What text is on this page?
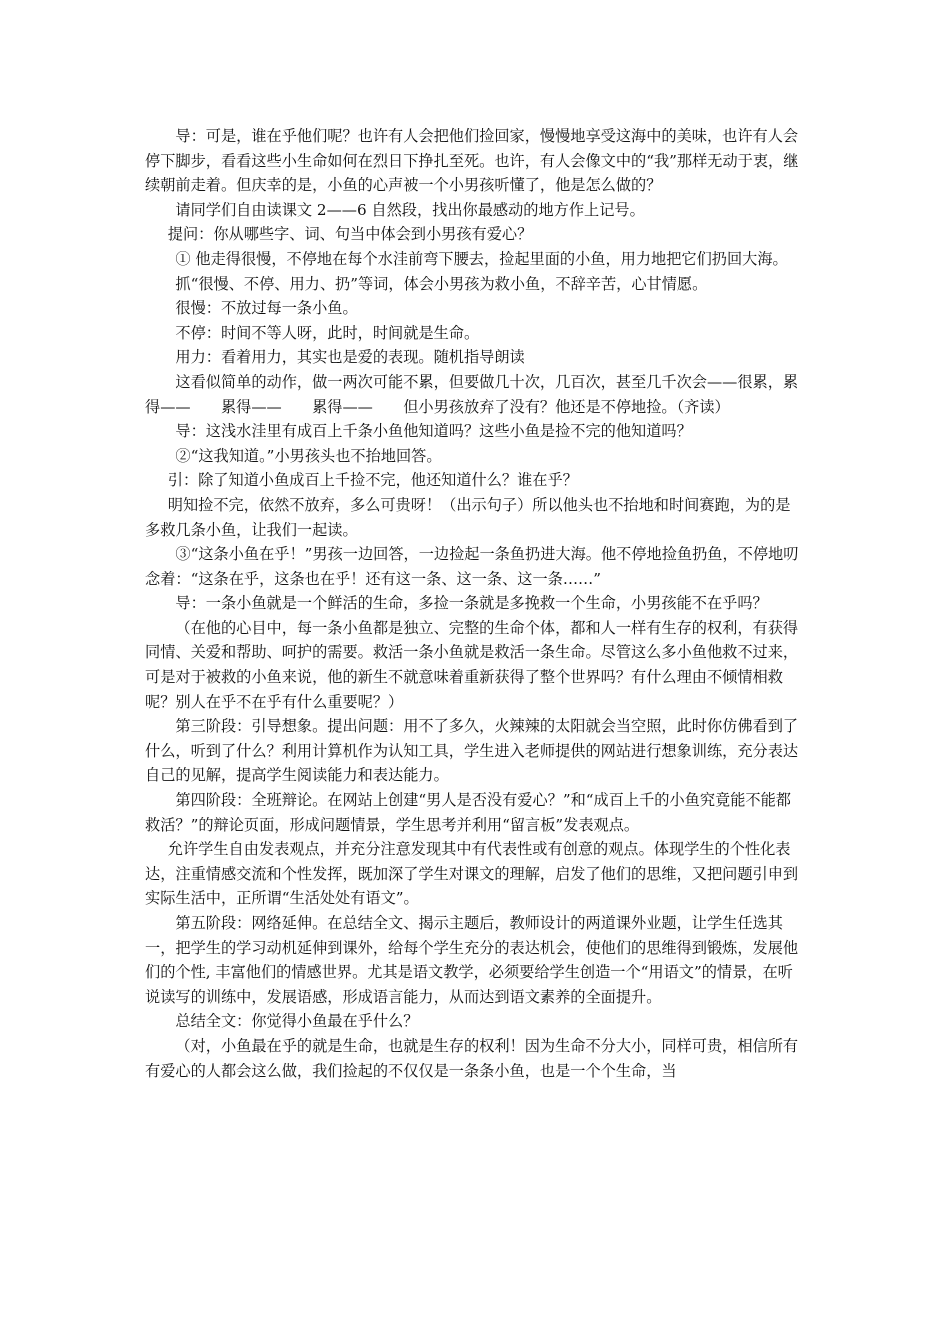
导：可是，谁在乎他们呢？也许有人会把他们捡回家，慢慢地享受这海中的美味，也许有人会停下脚步，看看这些小生命如何在烈日下挣扎至死。也许，有人会像文中的“我”那样无动于衷，继续朝前走着。但庆幸的是，小鱼的心声被一个小男孩听懂了，他是怎么做的？

请同学们自由读课文 2——6 自然段，找出你最感动的地方作上记号。

提问：你从哪些字、词、句当中体会到小男孩有爱心？

① 他走得很慢，不停地在每个水洼前弯下腰去，捡起里面的小鱼，用力地把它们扔回大海。

抓“很慢、不停、用力、扔”等词，体会小男孩为救小鱼，不辞辛苦，心甘情愿。

很慢：不放过每一条小鱼。

不停：时间不等人呀，此时，时间就是生命。

用力：看着用力，其实也是爱的表现。随机指导朗读

这看似简单的动作，做一两次可能不累，但要做几十次，几百次，甚至几千次会——很累，累得——　　累得——　　累得——　　但小男孩放弃了没有？他还是不停地捡。（齐读）

导：这浅水洼里有成百上千条小鱼他知道吗？这些小鱼是捡不完的他知道吗？

②“这我知道。”小男孩头也不抬地回答。

引：除了知道小鱼成百上千捡不完，他还知道什么？谁在乎？

明知捡不完，依然不放弃，多么可贵呀！（出示句子）所以他头也不抬地和时间赛跑，为的是多救几条小鱼，让我们一起读。

③“这条小鱼在乎！”男孩一边回答，一边捡起一条鱼扔进大海。他不停地捡鱼扔鱼，不停地叨念着：“这条在乎，这条也在乎！还有这一条、这一条、这一条……”

导：一条小鱼就是一个鲜活的生命，多捡一条就是多挽救一个生命，小男孩能不在乎吗？

（在他的心目中，每一条小鱼都是独立、完整的生命个体，都和人一样有生存的权利，有获得同情、关爱和帮助、呵护的需要。救活一条小鱼就是救活一条生命。尽管这么多小鱼他救不过来，可是对于被救的小鱼来说，他的新生不就意味着重新获得了整个世界吗？有什么理由不倾情相救呢？别人在乎不在乎有什么重要呢？）

第三阶段：引导想象。提出问题：用不了多久，火辣辣的太阳就会当空照，此时你仿佛看到了什么，听到了什么？利用计算机作为认知工具，学生进入老师提供的网站进行想象训练，充分表达自己的见解，提高学生阅读能力和表达能力。

第四阶段：全班辩论。在网站上创建“男人是否没有爱心？”和“成百上千的小鱼究竟能不能都救活？”的辩论页面，形成问题情景，学生思考并利用“留言板”发表观点。

允许学生自由发表观点，并充分注意发现其中有代表性或有创意的观点。体现学生的个性化表达，注重情感交流和个性发挥，既加深了学生对课文的理解，启发了他们的思维，又把问题引申到实际生活中，正所谓“生活处处有语文”。

第五阶段：网络延伸。在总结全文、揭示主题后，教师设计的两道课外业题，让学生任选其一，把学生的学习动机延伸到课外，给每个学生充分的表达机会，使他们的思维得到锻炼，发展他们的个性, 丰富他们的情感世界。尤其是语文教学，必须要给学生创造一个“用语文”的情景，在听说读写的训练中，发展语感，形成语言能力，从而达到语文素养的全面提升。

总结全文：你觉得小鱼最在乎什么？

（对，小鱼最在乎的就是生命，也就是生存的权利！因为生命不分大小，同样可贵，相信所有有爱心的人都会这么做，我们捡起的不仅仅是一条条小鱼，也是一个个生命，当
